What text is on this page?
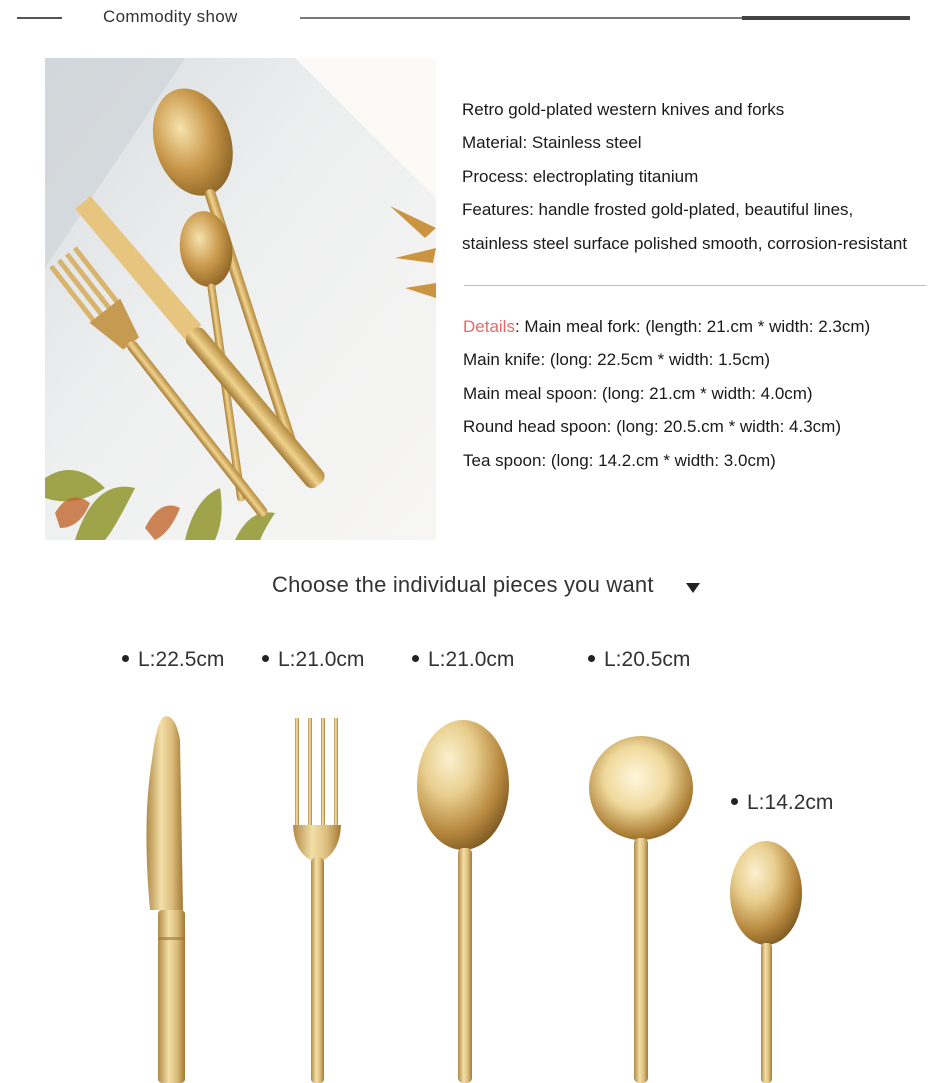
Commodity show
Retro gold-plated western knives and forks
Material: Stainless steel
Process: electroplating titanium
Features: handle frosted gold-plated, beautiful lines,
stainless steel surface polished smooth, corrosion-resistant
Details: Main meal fork: (length: 21.cm * width: 2.3cm)
Main knife: (long: 22.5cm * width: 1.5cm)
Main meal spoon: (long: 21.cm * width: 4.0cm)
Round head spoon: (long: 20.5.cm * width: 4.3cm)
Tea spoon: (long: 14.2.cm * width: 3.0cm)
Choose the individual pieces you want
L:22.5cm	L:21.0cm	L:21.0cm	L:20.5cm
L:14.2cm
